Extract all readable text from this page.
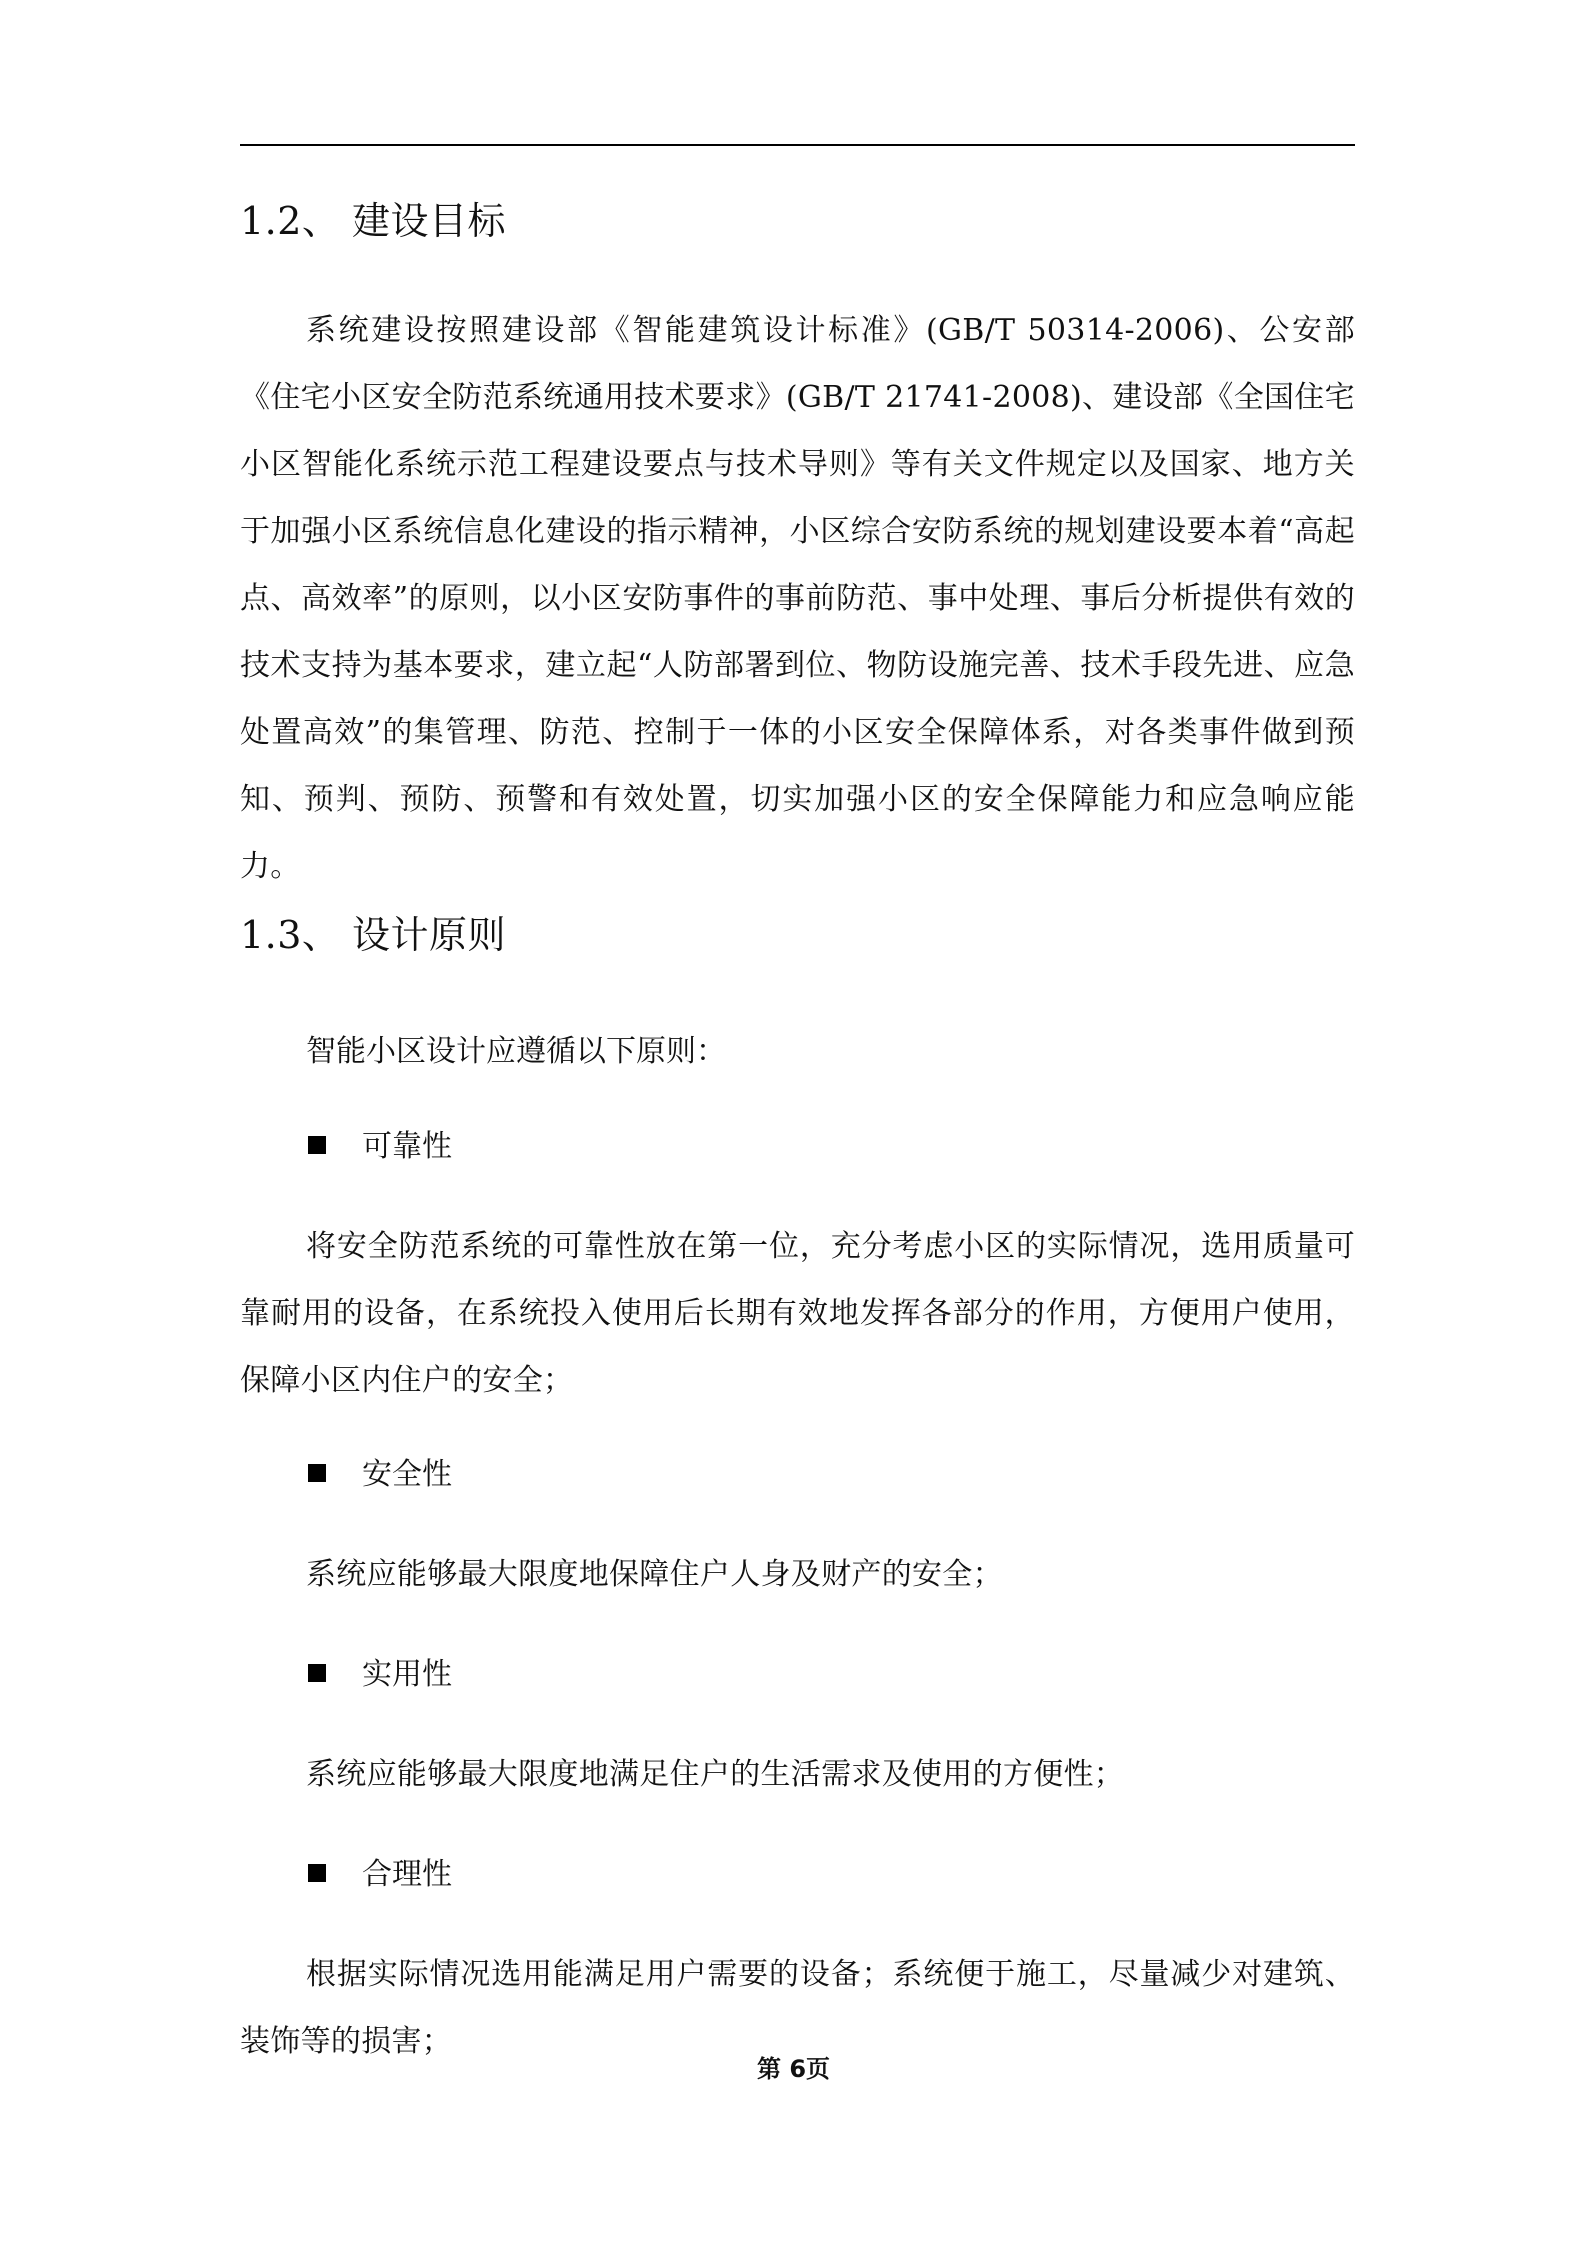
1.2、 建设目标

系统建设按照建设部《智能建筑设计标准》(GB/T 50314-2006)、公安部《住宅小区安全防范系统通用技术要求》(GB/T 21741-2008)、建设部《全国住宅小区智能化系统示范工程建设要点与技术导则》等有关文件规定以及国家、地方关于加强小区系统信息化建设的指示精神，小区综合安防系统的规划建设要本着“高起点、高效率”的原则，以小区安防事件的事前防范、事中处理、事后分析提供有效的技术支持为基本要求，建立起“人防部署到位、物防设施完善、技术手段先进、应急处置高效”的集管理、防范、控制于一体的小区安全保障体系，对各类事件做到预知、预判、预防、预警和有效处置，切实加强小区的安全保障能力和应急响应能力。

1.3、 设计原则

智能小区设计应遵循以下原则：

可靠性

将安全防范系统的可靠性放在第一位，充分考虑小区的实际情况，选用质量可靠耐用的设备，在系统投入使用后长期有效地发挥各部分的作用，方便用户使用，保障小区内住户的安全；

安全性

系统应能够最大限度地保障住户人身及财产的安全；

实用性

系统应能够最大限度地满足住户的生活需求及使用的方便性；

合理性

根据实际情况选用能满足用户需要的设备；系统便于施工，尽量减少对建筑、装饰等的损害；

第 6页
